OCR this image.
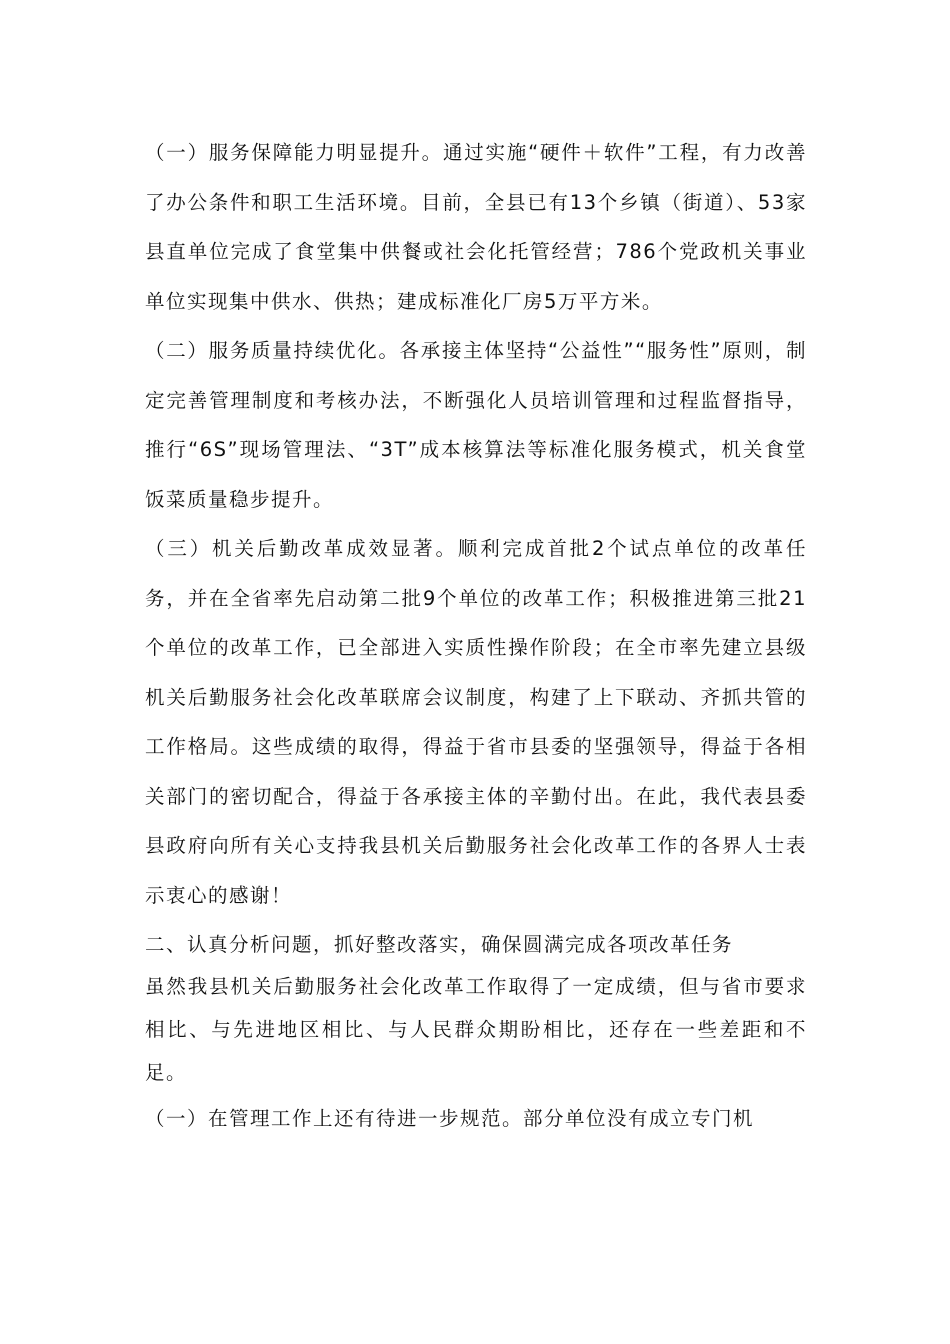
（一）服务保障能力明显提升。通过实施“硬件＋软件”工程，有力改善了办公条件和职工生活环境。目前，全县已有13个乡镇（街道）、53家县直单位完成了食堂集中供餐或社会化托管经营；786个党政机关事业单位实现集中供水、供热；建成标准化厂房5万平方米。

（二）服务质量持续优化。各承接主体坚持“公益性”“服务性”原则，制定完善管理制度和考核办法，不断强化人员培训管理和过程监督指导，推行“6S”现场管理法、“3T”成本核算法等标准化服务模式，机关食堂饭菜质量稳步提升。

（三）机关后勤改革成效显著。顺利完成首批2个试点单位的改革任务，并在全省率先启动第二批9个单位的改革工作；积极推进第三批21个单位的改革工作，已全部进入实质性操作阶段；在全市率先建立县级机关后勤服务社会化改革联席会议制度，构建了上下联动、齐抓共管的工作格局。这些成绩的取得，得益于省市县委的坚强领导，得益于各相关部门的密切配合，得益于各承接主体的辛勤付出。在此，我代表县委县政府向所有关心支持我县机关后勤服务社会化改革工作的各界人士表示衷心的感谢！

二、认真分析问题，抓好整改落实，确保圆满完成各项改革任务

虽然我县机关后勤服务社会化改革工作取得了一定成绩，但与省市要求相比、与先进地区相比、与人民群众期盼相比，还存在一些差距和不足。

（一）在管理工作上还有待进一步规范。部分单位没有成立专门机
